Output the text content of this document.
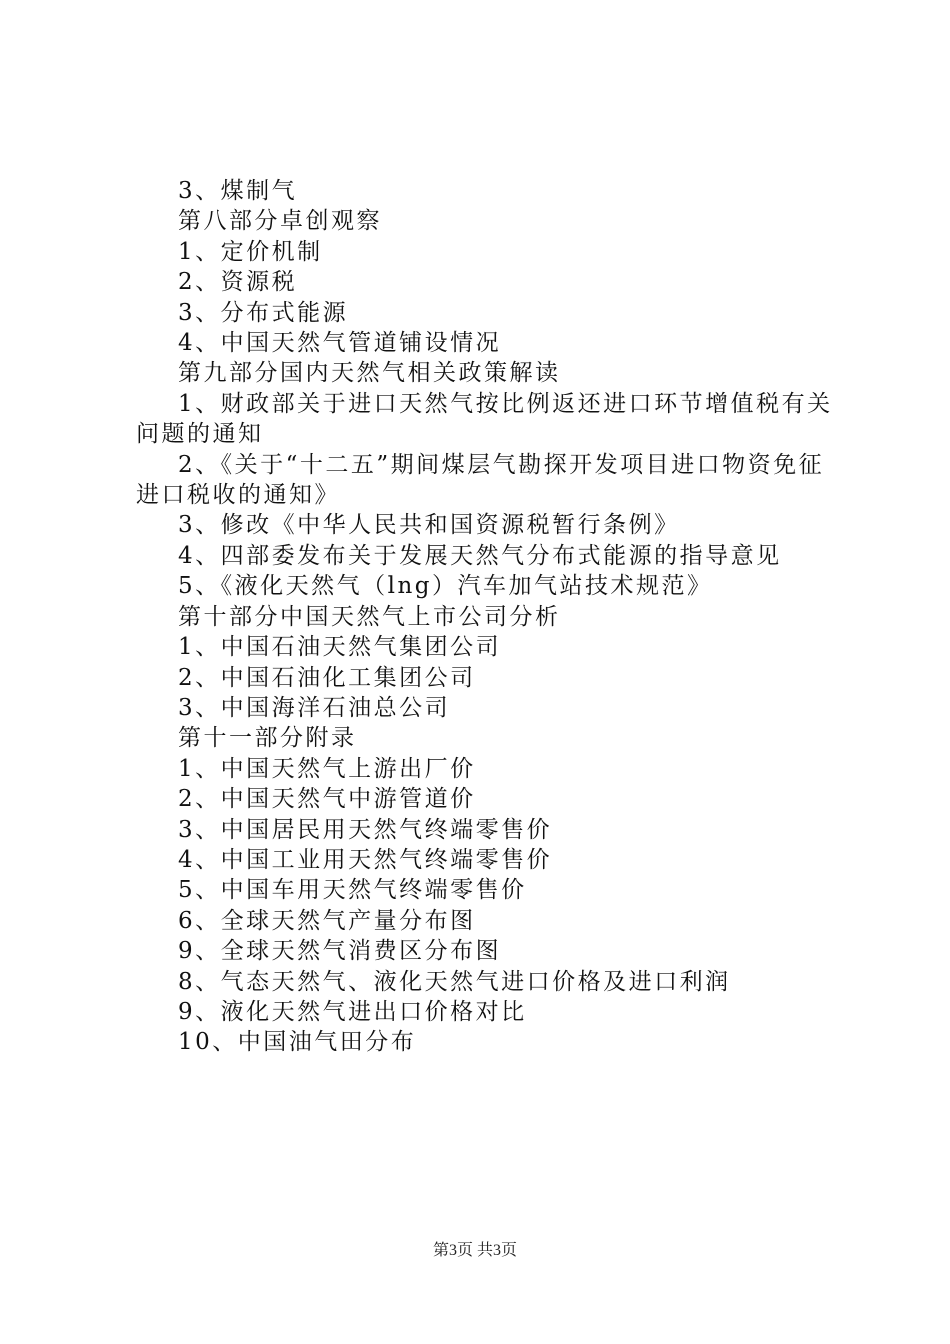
3、煤制气
第八部分卓创观察
1、定价机制
2、资源税
3、分布式能源
4、中国天然气管道铺设情况
第九部分国内天然气相关政策解读
1、财政部关于进口天然气按比例返还进口环节增值税有关问题的通知
2、《关于“十二五”期间煤层气勘探开发项目进口物资免征进口税收的通知》
3、修改《中华人民共和国资源税暂行条例》
4、四部委发布关于发展天然气分布式能源的指导意见
5、《液化天然气（lng）汽车加气站技术规范》
第十部分中国天然气上市公司分析
1、中国石油天然气集团公司
2、中国石油化工集团公司
3、中国海洋石油总公司
第十一部分附录
1、中国天然气上游出厂价
2、中国天然气中游管道价
3、中国居民用天然气终端零售价
4、中国工业用天然气终端零售价
5、中国车用天然气终端零售价
6、全球天然气产量分布图
9、全球天然气消费区分布图
8、气态天然气、液化天然气进口价格及进口利润
9、液化天然气进出口价格对比
10、中国油气田分布
第3页 共3页
